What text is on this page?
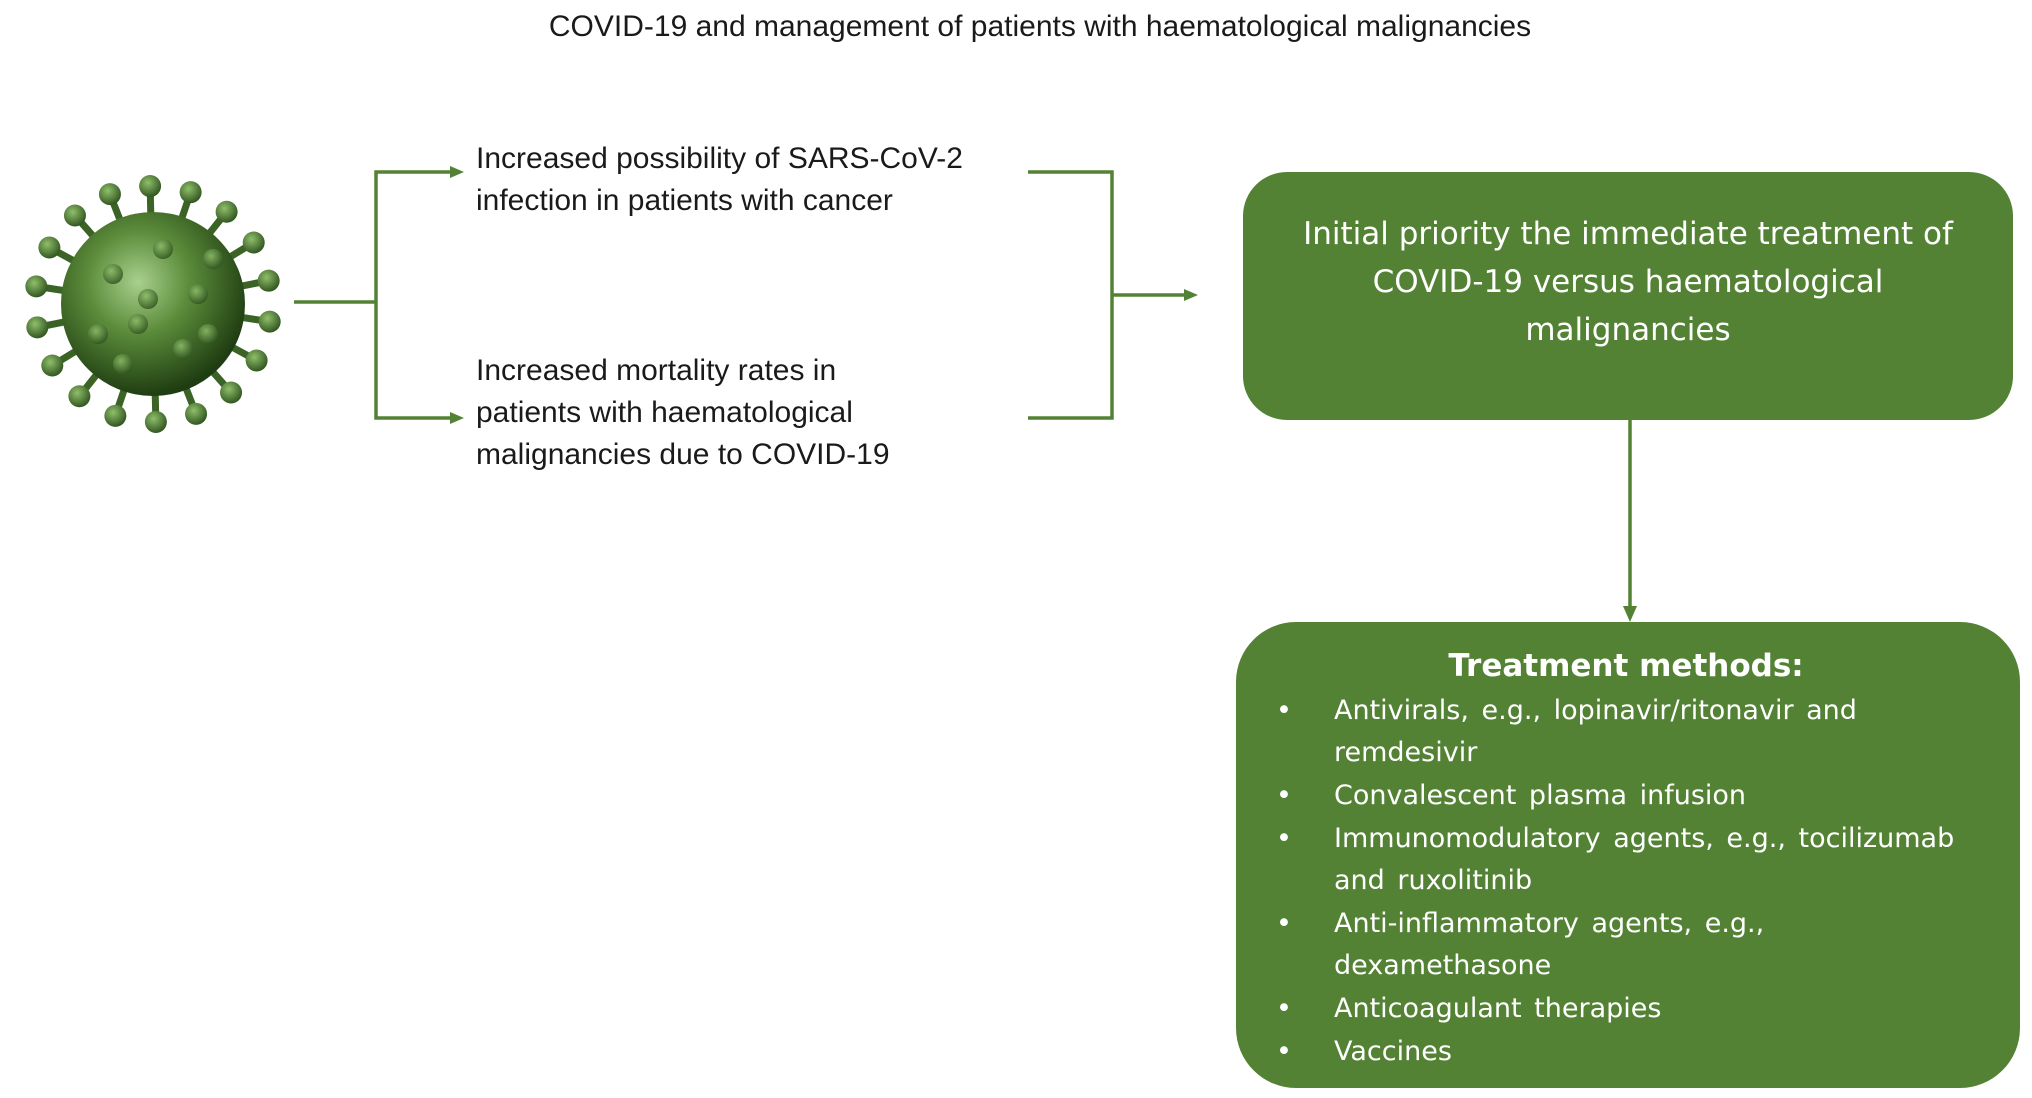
COVID-19 and management of patients with haematological malignancies
Increased possibility of SARS-CoV-2 infection in patients with cancer
Increased mortality rates in patients with haematological malignancies due to COVID-19
Initial priority the immediate treatment of COVID-19 versus haematological malignancies
Treatment methods:
• Antivirals, e.g., lopinavir/ritonavir and remdesivir
• Convalescent plasma infusion
• Immunomodulatory agents, e.g., tocilizumab and ruxolitinib
• Anti-inflammatory agents, e.g., dexamethasone
• Anticoagulant therapies
• Vaccines
